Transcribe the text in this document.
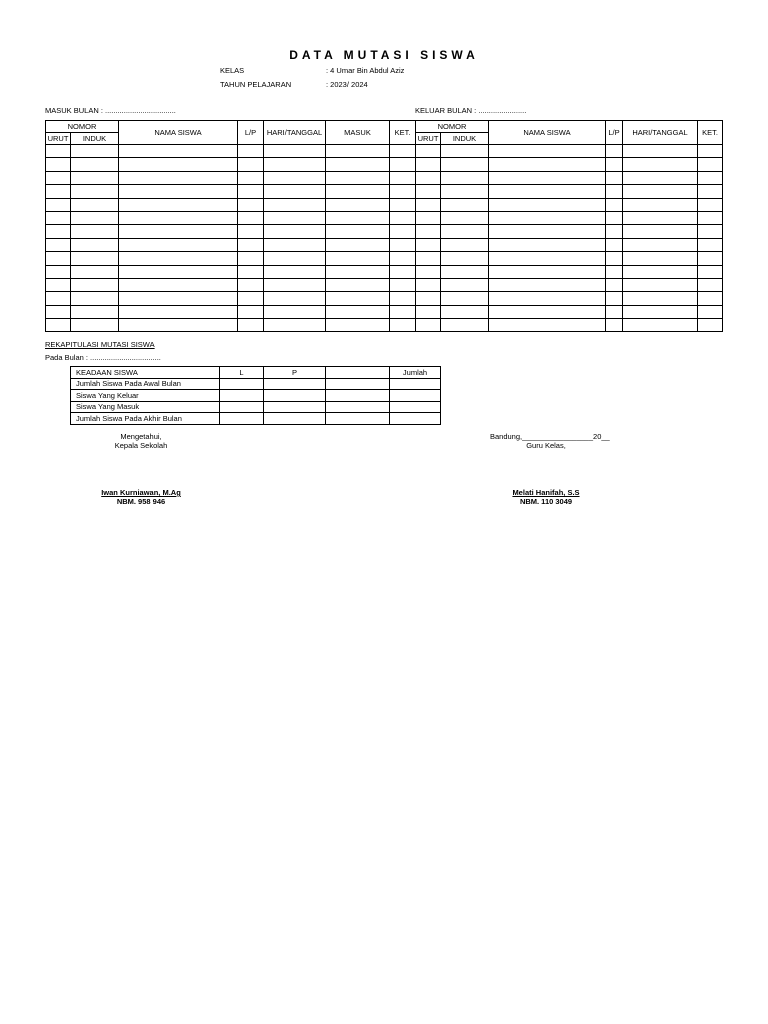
DATA MUTASI SISWA
KELAS	: 4 Umar Bin Abdul Aziz
TAHUN PELAJARAN	: 2023/ 2024
MASUK BULAN : ..................................	KELUAR BULAN : .......................
NOMOR		NAMA SISWA	L/P	HARI/TANGGAL	MASUK	KET.	NOMOR		NAMA SISWA	L/P	HARI/TANGGAL	KET.
URUT	INDUK						URUT	INDUK				

REKAPITULASI MUTASI SISWA
Pada Bulan : ..................................
KEADAAN SISWA	L	P		Jumlah
Jumlah Siswa Pada Awal Bulan				
Siswa Yang Keluar				
Siswa Yang Masuk				
Jumlah Siswa Pada Akhir Bulan				
Mengetahui,
Kepala Sekolah
Iwan Kurniawan, M.Ag
NBM. 958 946
Bandung,_________________20__
Guru Kelas,
Melati Hanifah, S.S
NBM. 110 3049
